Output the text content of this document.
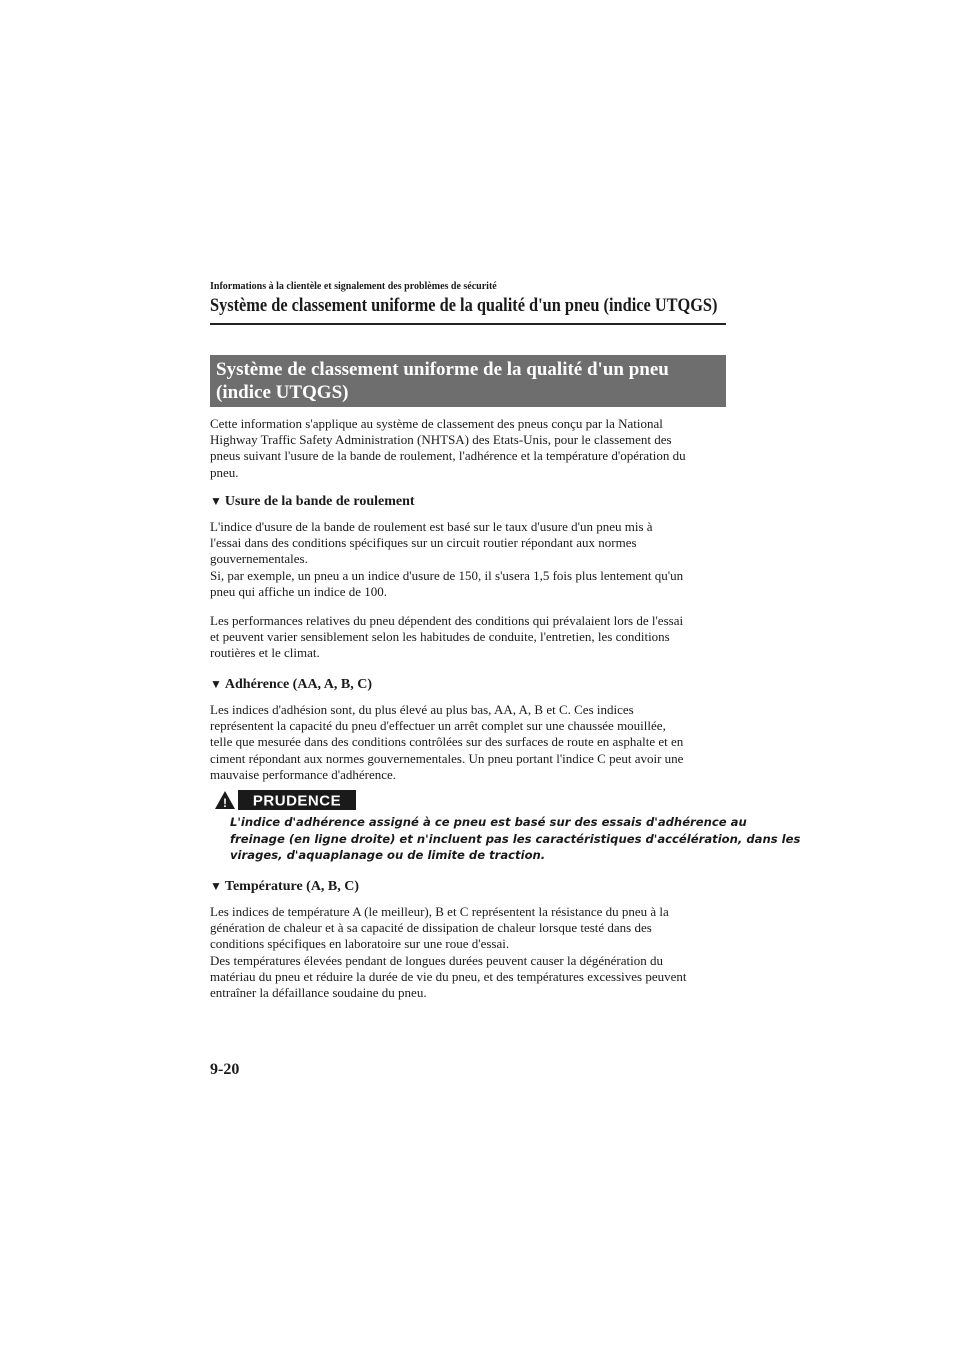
Informations à la clientèle et signalement des problèmes de sécurité
Système de classement uniforme de la qualité d'un pneu (indice UTQGS)
Système de classement uniforme de la qualité d'un pneu
(indice UTQGS)
Cette information s'applique au système de classement des pneus conçu par la National
Highway Traffic Safety Administration (NHTSA) des Etats-Unis, pour le classement des
pneus suivant l'usure de la bande de roulement, l'adhérence et la température d'opération du
pneu.
▼ Usure de la bande de roulement
L'indice d'usure de la bande de roulement est basé sur le taux d'usure d'un pneu mis à
l'essai dans des conditions spécifiques sur un circuit routier répondant aux normes
gouvernementales.
Si, par exemple, un pneu a un indice d'usure de 150, il s'usera 1,5 fois plus lentement qu'un
pneu qui affiche un indice de 100.
Les performances relatives du pneu dépendent des conditions qui prévalaient lors de l'essai
et peuvent varier sensiblement selon les habitudes de conduite, l'entretien, les conditions
routières et le climat.
▼ Adhérence (AA, A, B, C)
Les indices d'adhésion sont, du plus élevé au plus bas, AA, A, B et C. Ces indices
représentent la capacité du pneu d'effectuer un arrêt complet sur une chaussée mouillée,
telle que mesurée dans des conditions contrôlées sur des surfaces de route en asphalte et en
ciment répondant aux normes gouvernementales. Un pneu portant l'indice C peut avoir une
mauvaise performance d'adhérence.
! PRUDENCE
L'indice d'adhérence assigné à ce pneu est basé sur des essais d'adhérence au
freinage (en ligne droite) et n'incluent pas les caractéristiques d'accélération, dans les
virages, d'aquaplanage ou de limite de traction.
▼ Température (A, B, C)
Les indices de température A (le meilleur), B et C représentent la résistance du pneu à la
génération de chaleur et à sa capacité de dissipation de chaleur lorsque testé dans des
conditions spécifiques en laboratoire sur une roue d'essai.
Des températures élevées pendant de longues durées peuvent causer la dégénération du
matériau du pneu et réduire la durée de vie du pneu, et des températures excessives peuvent
entraîner la défaillance soudaine du pneu.
9-20
